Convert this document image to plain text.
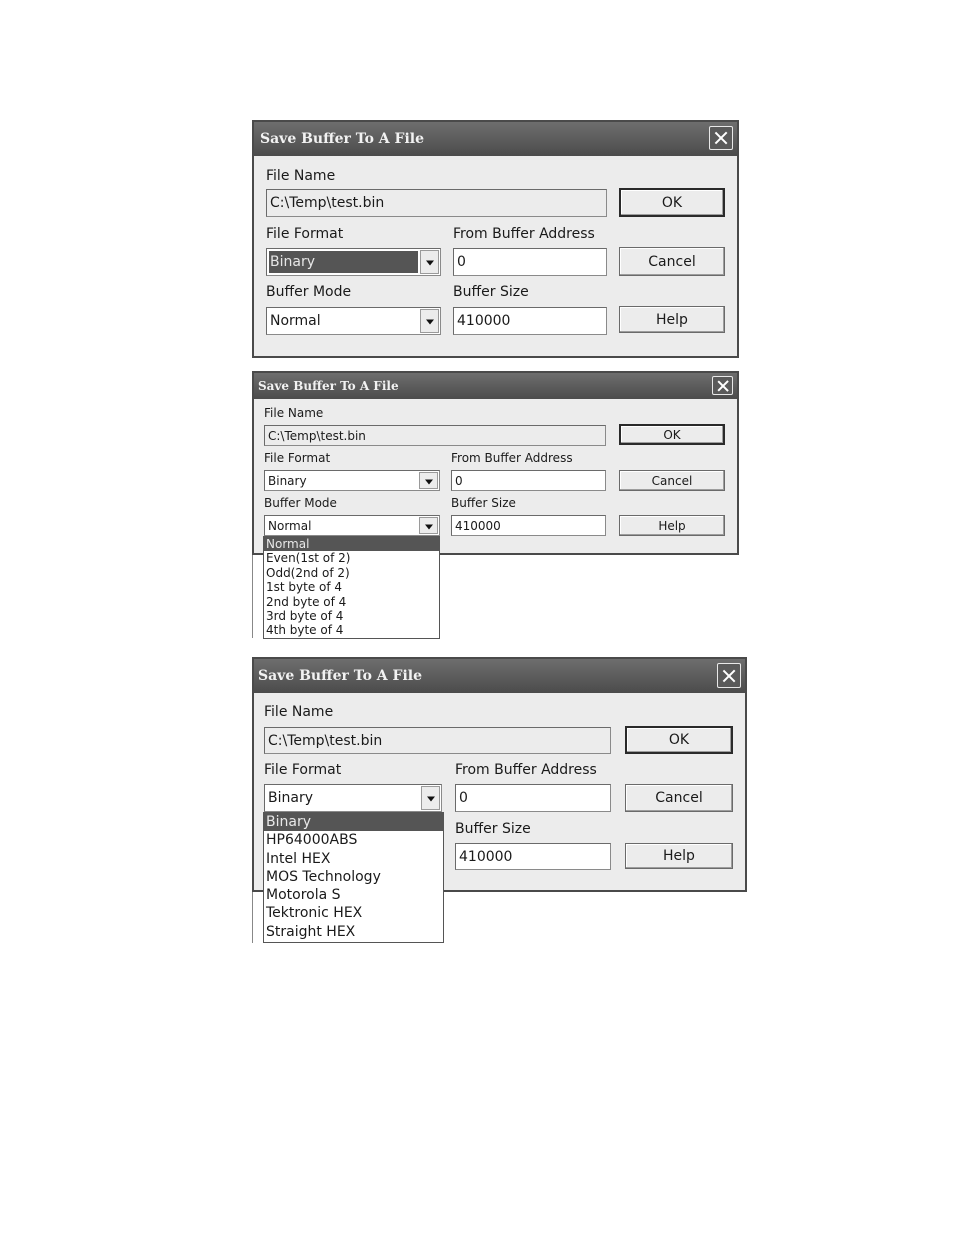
Save Buffer To A File
File Name
C:\Temp\test.bin	OK
File Format
Binary
From Buffer Address
0	Cancel
Buffer Mode
Normal
Buffer Size
410000	Help
Save Buffer To A File
File Name
C:\Temp\test.bin	OK
File Format
Binary
From Buffer Address
0	Cancel
Buffer Mode
Normal
Buffer Size
410000	Help
Normal
Even(1st of 2)
Odd(2nd of 2)
1st byte of 4
2nd byte of 4
3rd byte of 4
4th byte of 4
Save Buffer To A File
File Name
C:\Temp\test.bin	OK
File Format
Binary
From Buffer Address
0	Cancel
Buffer Size
410000	Help
Binary
HP64000ABS
Intel HEX
MOS Technology
Motorola S
Tektronic HEX
Straight HEX
